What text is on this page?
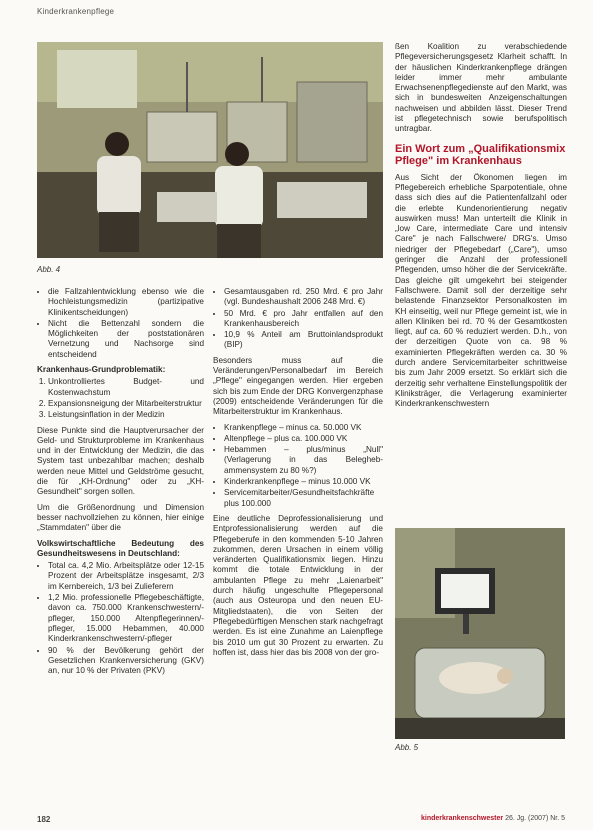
Kinderkrankenpflege
Abb. 4
• die Fallzahlentwicklung ebenso wie die Hochleistungsmedizin (partizipative Klinikentscheidungen)
• Nicht die Bettenzahl sondern die Möglichkeiten der poststationären Vernetzung und Nachsorge sind entscheidend
Krankenhaus-Grundproblematik:
1. Unkontrolliertes Budget- und Kostenwachstum
2. Expansionsneigung der Mitarbeiterstruktur
3. Leistungsinflation in der Medizin

Diese Punkte sind die Hauptverursacher der Geld- und Strukturprobleme im Krankenhaus und in der Entwicklung der Medizin, die das System tast unbezahlbar machen; deshalb werden neue Mittel und Geldströme gesucht, die für „KH-Ordnung" oder zu „KH-Gesundheit" sorgen sollen.

Um die Größenordnung und Dimension besser nachvollziehen zu können, hier einige „Stammdaten" über die

Volkswirtschaftliche Bedeutung des Gesundheitswesens in Deutschland:
• Total ca. 4,2 Mio. Arbeitsplätze oder 12-15 Prozent der Arbeitsplätze insgesamt, 2/3 im Kernbereich, 1/3 bei Zulieferern
• 1,2 Mio. professionelle Pflegebeschäftigte, davon ca. 750.000 Krankenschwestern/-pfleger, 150.000 Altenpflegerinnen/-pfleger, 15.000 Hebammen, 40.000 Kinderkrankenschwestern/-pfleger
• 90 % der Bevölkerung gehört der Gesetzlichen Krankenversicherung (GKV) an, nur 10 % der Privaten (PKV)
• Gesamtausgaben rd. 250 Mrd. € pro Jahr (vgl. Bundeshaushalt 2006 248 Mrd. €)
• 50 Mrd. € pro Jahr entfallen auf den Krankenhausbereich
• 10,9 % Anteil am Bruttoinlandsprodukt (BIP)

Besonders muss auf die Veränderungen/Personalbedarf im Bereich „Pflege" eingegangen werden. Hier ergeben sich bis zum Ende der DRG Konvergenzphase (2009) entscheidende Veränderungen für die Mitarbeiterstruktur im Krankenhaus.

• Krankenpflege – minus ca. 50.000 VK
• Altenpflege – plus ca. 100.000 VK
• Hebammen – plus/minus „Null" (Verlagerung in das Beleghebammensystem zu 80 %?)
• Kinderkrankenpflege – minus 10.000 VK
• Servicemitarbeiter/Gesundheitsfachkräfte plus 100.000

Eine deutliche Deprofessionalisierung und Entprofessionalisierung werden auf die Pflegeberufe in den kommenden 5-10 Jahren zukommen, deren Ursachen in einem völlig veränderten Qualifikationsmix liegen. Hinzu kommt die totale Entwicklung in der ambulanten Pflege zu mehr „Laienarbeit" durch häufig ungeschulte Pflegepersonal (auch aus Osteuropa und den neuen EU-Mitgliedstaaten), die von Seiten der Pflegebedürftigen Menschen stark nachgefragt werden. Es ist eine Zunahme an Laienpflege bis 2010 um gut 30 Prozent zu erwarten. Zu hoffen ist, dass hier das bis 2008 von der gro-

ßen Koalition zu verabschiedende Pflegeversicherungsgesetz Klarheit schafft. In der häuslichen Kinderkrankenpflege drängen leider immer mehr ambulante Erwachsenenpflegedienste auf den Markt, was sich in bundesweiten Anzeigenschaltungen nachweisen und abbilden lässt. Dieser Trend ist pflegetechnisch sowie berufspolitisch untragbar.

Ein Wort zum „Qualifikationsmix Pflege" im Krankenhaus

Aus Sicht der Ökonomen liegen im Pflegebereich erhebliche Sparpotentiale, ohne dass sich dies auf die Patientenfallzahl oder die erlebte Kundenorientierung negativ auswirken muss! Man unterteilt die Klinik in „low Care, intermediate Care und intensiv Care" je nach Fallschwere/ DRG's. Umso niedriger der Pflegebedarf („Care"), umso geringer die Anzahl der professionell Pflegenden, umso höher die der Servicekräfte. Das gleiche gilt umgekehrt bei steigender Fallschwere. Damit soll der derzeitige sehr belastende Finanzsektor Personalkosten im KH einseitig, weil nur Pflege gemeint ist, wie in allen Kliniken bei rd. 70 % der Gesamtkosten liegt, auf ca. 60 % reduziert werden. D.h., von der derzeitigen Quote von ca. 98 % examinierten Pflegekräften werden ca. 30 % durch andere Servicemitarbeiter schrittweise bis zum Jahr 2009 ersetzt. So erklärt sich die derzeitig sehr verhaltene Einstellungspolitik der Kliniksträger, die Verlagerung examinierter Kinderkrankenschwestern

Abb. 5
182	kinderkrankenschwester 26. Jg. (2007) Nr. 5
